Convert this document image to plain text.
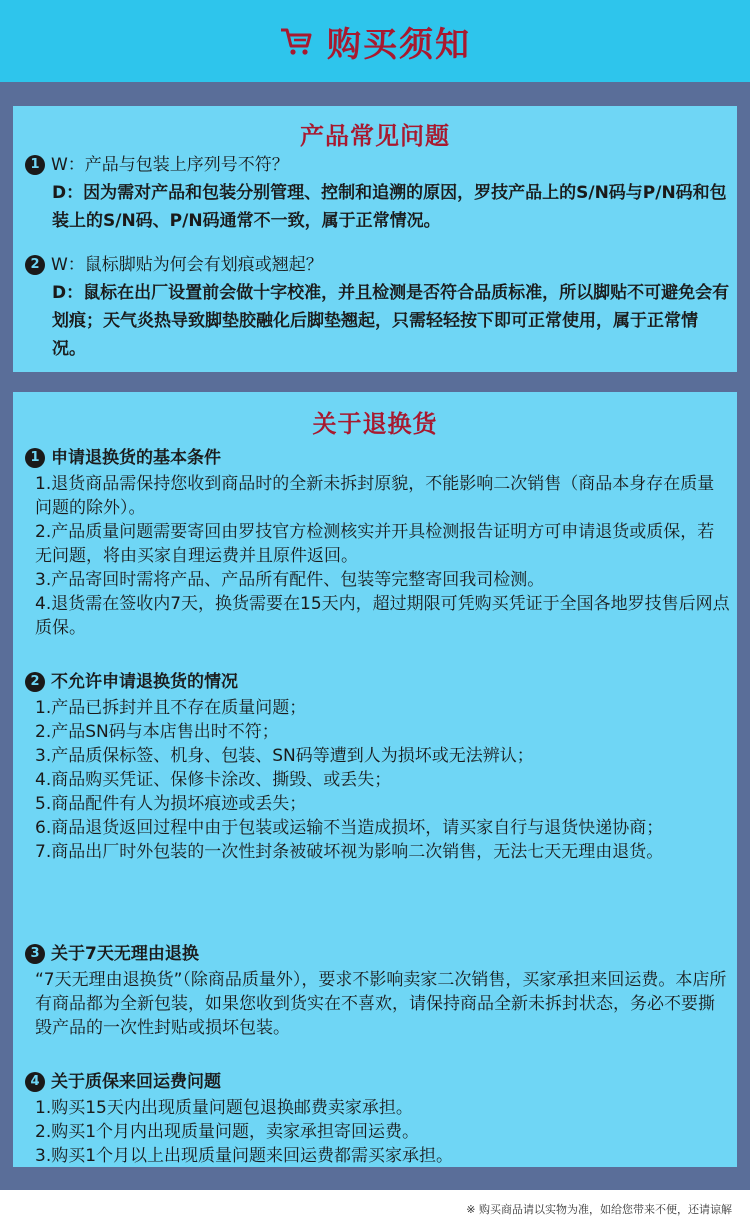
购买须知
产品常见问题
1 W：产品与包装上序列号不符？
D：因为需对产品和包装分别管理、控制和追溯的原因，罗技产品上的S/N码与P/N码和包装上的S/N码、P/N码通常不一致，属于正常情况。
2 W：鼠标脚贴为何会有划痕或翘起？
D：鼠标在出厂设置前会做十字校准，并且检测是否符合品质标准，所以脚贴不可避免会有划痕；天气炎热导致脚垫胶融化后脚垫翘起，只需轻轻按下即可正常使用，属于正常情况。
关于退换货
1 申请退换货的基本条件
1.退货商品需保持您收到商品时的全新未拆封原貌，不能影响二次销售（商品本身存在质量问题的除外）。
2.产品质量问题需要寄回由罗技官方检测核实并开具检测报告证明方可申请退货或质保，若无问题，将由买家自理运费并且原件返回。
3.产品寄回时需将产品、产品所有配件、包装等完整寄回我司检测。
4.退货需在签收内7天，换货需要在15天内，超过期限可凭购买凭证于全国各地罗技售后网点质保。
2 不允许申请退换货的情况
1.产品已拆封并且不存在质量问题；
2.产品SN码与本店售出时不符；
3.产品质保标签、机身、包装、SN码等遭到人为损坏或无法辨认；
4.商品购买凭证、保修卡涂改、撕毁、或丢失；
5.商品配件有人为损坏痕迹或丢失；
6.商品退货返回过程中由于包装或运输不当造成损坏，请买家自行与退货快递协商；
7.商品出厂时外包装的一次性封条被破坏视为影响二次销售，无法七天无理由退货。
3 关于7天无理由退换
“7天无理由退换货”（除商品质量外），要求不影响卖家二次销售，买家承担来回运费。本店所有商品都为全新包装，如果您收到货实在不喜欢，请保持商品全新未拆封状态，务必不要撕毁产品的一次性封贴或损坏包装。
4 关于质保来回运费问题
1.购买15天内出现质量问题包退换邮费卖家承担。
2.购买1个月内出现质量问题，卖家承担寄回运费。
3.购买1个月以上出现质量问题来回运费都需买家承担。
※ 购买商品请以实物为准，如给您带来不便，还请谅解
